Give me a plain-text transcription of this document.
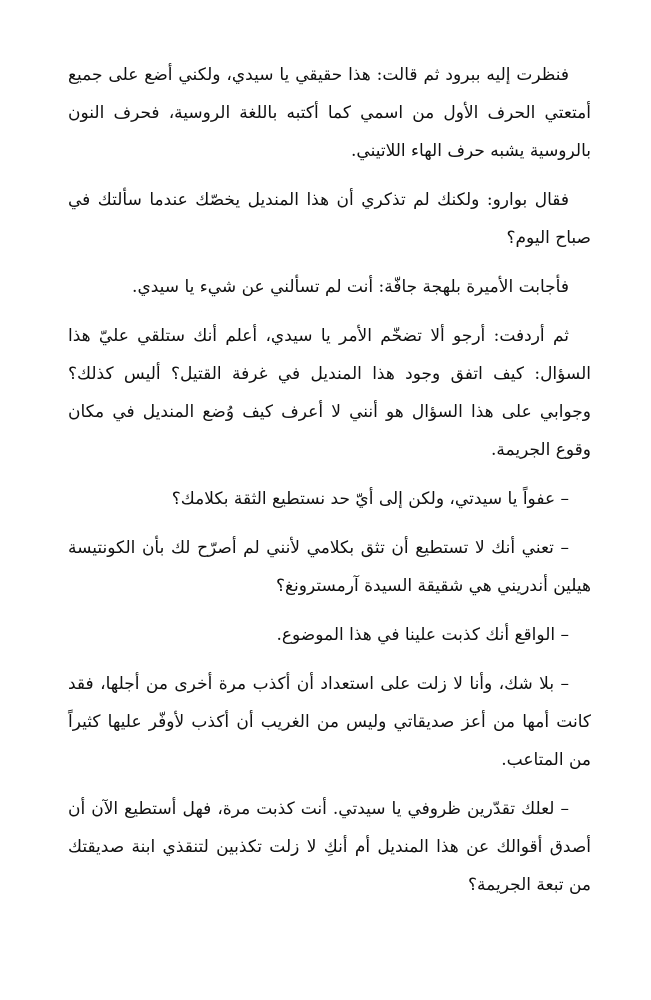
فنظرت إليه ببرود ثم قالت: هذا حقيقي يا سيدي، ولكني أضع على جميع أمتعتي الحرف الأول من اسمي كما أكتبه باللغة الروسية، فحرف النون بالروسية يشبه حرف الهاء اللاتيني.

فقال بوارو: ولكنك لم تذكري أن هذا المنديل يخصّك عندما سألتك في صباح اليوم؟

فأجابت الأميرة بلهجة جافّة: أنت لم تسألني عن شيء يا سيدي.

ثم أردفت: أرجو ألا تضخّم الأمر يا سيدي، أعلم أنك ستلقي عليّ هذا السؤال: كيف اتفق وجود هذا المنديل في غرفة القتيل؟ أليس كذلك؟ وجوابي على هذا السؤال هو أنني لا أعرف كيف وُضع المنديل في مكان وقوع الجريمة.

– عفواً يا سيدتي، ولكن إلى أيّ حد نستطيع الثقة بكلامك؟

– تعني أنك لا تستطيع أن تثق بكلامي لأنني لم أصرّح لك بأن الكونتيسة هيلين أندريني هي شقيقة السيدة آرمسترونغ؟

– الواقع أنك كذبت علينا في هذا الموضوع.

– بلا شك، وأنا لا زلت على استعداد أن أكذب مرة أخرى من أجلها، فقد كانت أمها من أعز صديقاتي وليس من الغريب أن أكذب لأوفّر عليها كثيراً من المتاعب.

– لعلك تقدّرين ظروفي يا سيدتي. أنت كذبت مرة، فهل أستطيع الآن أن أصدق أقوالك عن هذا المنديل أم أنكِ لا زلت تكذبين لتنقذي ابنة صديقتك من تبعة الجريمة؟
